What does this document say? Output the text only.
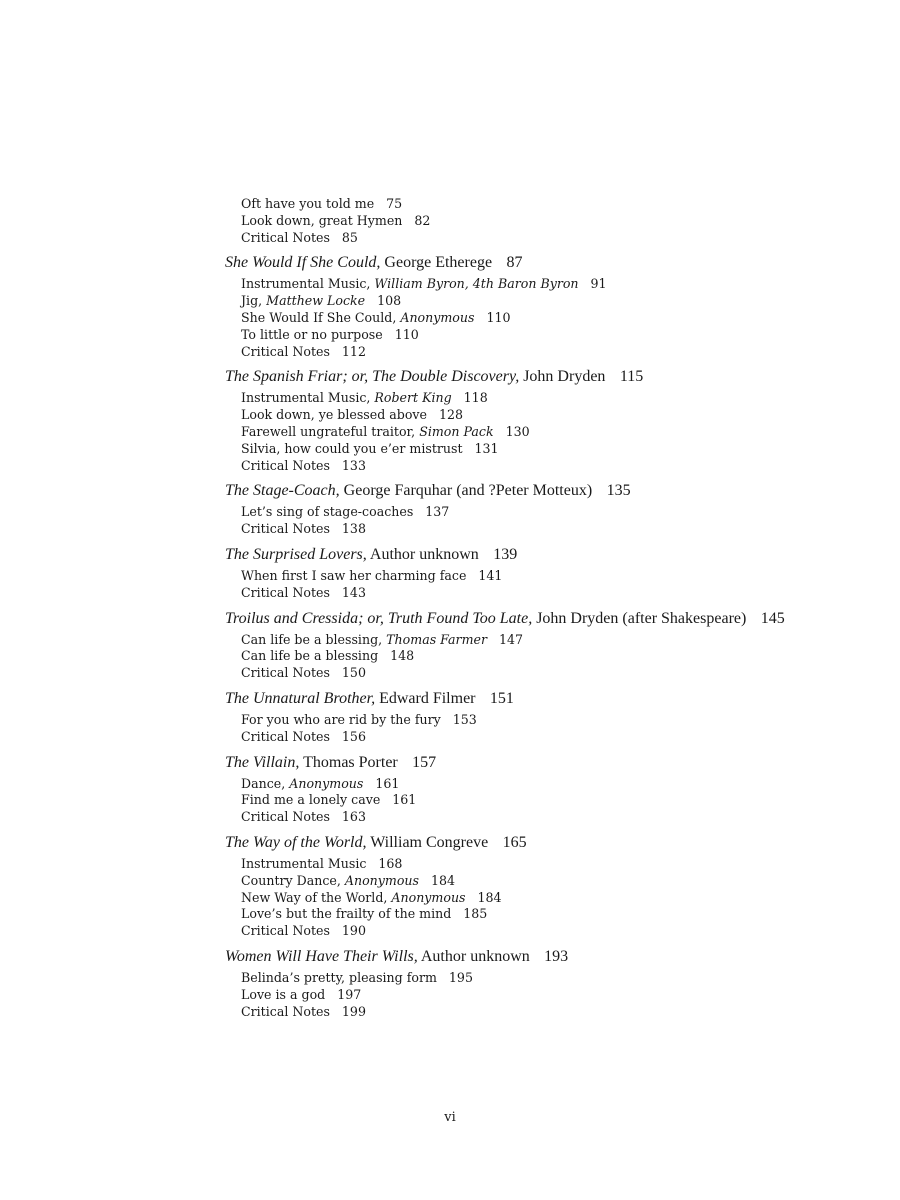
Oft have you told me 75
Look down, great Hymen 82
Critical Notes 85
She Would If She Could, George Etherege 87
Instrumental Music, William Byron, 4th Baron Byron 91
Jig, Matthew Locke 108
She Would If She Could, Anonymous 110
To little or no purpose 110
Critical Notes 112
The Spanish Friar; or, The Double Discovery, John Dryden 115
Instrumental Music, Robert King 118
Look down, ye blessed above 128
Farewell ungrateful traitor, Simon Pack 130
Silvia, how could you e’er mistrust 131
Critical Notes 133
The Stage-Coach, George Farquhar (and ?Peter Motteux) 135
Let’s sing of stage-coaches 137
Critical Notes 138
The Surprised Lovers, Author unknown 139
When first I saw her charming face 141
Critical Notes 143
Troilus and Cressida; or, Truth Found Too Late, John Dryden (after Shakespeare) 145
Can life be a blessing, Thomas Farmer 147
Can life be a blessing 148
Critical Notes 150
The Unnatural Brother, Edward Filmer 151
For you who are rid by the fury 153
Critical Notes 156
The Villain, Thomas Porter 157
Dance, Anonymous 161
Find me a lonely cave 161
Critical Notes 163
The Way of the World, William Congreve 165
Instrumental Music 168
Country Dance, Anonymous 184
New Way of the World, Anonymous 184
Love’s but the frailty of the mind 185
Critical Notes 190
Women Will Have Their Wills, Author unknown 193
Belinda’s pretty, pleasing form 195
Love is a god 197
Critical Notes 199
vi
